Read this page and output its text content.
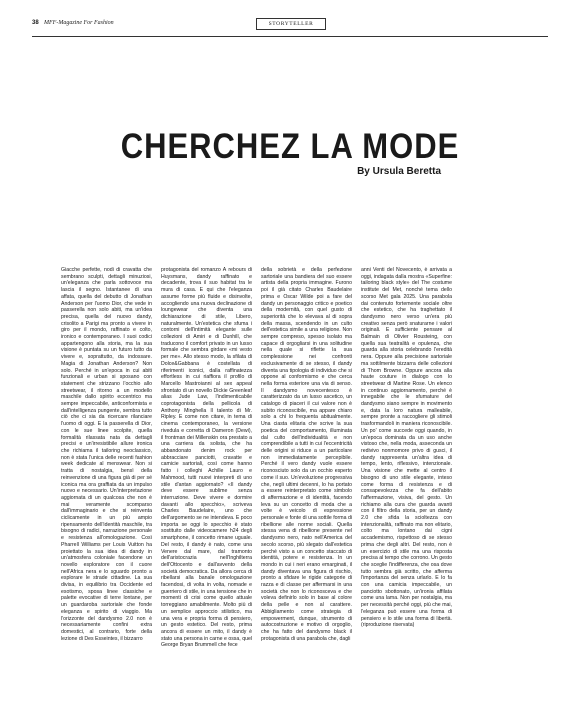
38 MFF-Magazine For Fashion	STORYTELLER
CHERCHEZ LA MODE
By Ursula Beretta

Giacche perfette, nodi di cravatta che sembrano sculpti, dettagli minuziosi, un'eleganza che parla sottovoce ma lascia il segno. Istantanee di una affata, quella del debutto di Jonathan Anderson per l'uomo Dior, che vede in passerella non solo abiti, ma un'idea precisa, quella del nuovo dandy, crisolito a Parigi ma pronto a vivere in giro per il mondo, raffinato e colto, ironico e contemporaneo. I suoi codici appartengono alla storia, ma la sua visione è puntata su un futuro tutto da vivere e, soprattutto, da indossare. Magia di Jonathan Anderson? Non solo. Perché in un'epoca in cui abiti funzionali e urban si sposano con statement che strizzano l'occhio allo streetwear, il ritorno a un modello maschile dallo spirito eccentrico ma sempre impeccabile, anticonformista e dall'intelligenza pungente, sembra tutto ciò che ci sia da ricercare rilanciare l'uomo di oggi. E la passerella di Dior, con le sue linee scolpite, quella formalità rilassata nata da dettagli precisi e un'irresistibile allure ironica che richiama il tailoring neoclassico, non è stata l'unica delle recenti fashion week dedicate al menswear. Non si tratta di nostalgia, bensì della reinvenzione di una figura già di per sé iconica ma ora graffiata da un impulso nuovo e necessario. Un'interpretazione aggiornata di un qualcosa che non è mai veramente scomparso dall'immaginario e che si reinventa ciclicamente in un più ampio ripensamento dell'identità maschile, tra bisogno di radici, narrazione personale e resistenza all'omologazione. Così Pharrell Williams per Louis Vuitton ha proiettato la sua idea di dandy in un'atmosfera coloniale facendone un novello esploratore con il cuore nell'Africa nera e lo sguardo pronto a esplorare le strade cittadine. La sua divisa, in equilibrio tra Occidente ed esotismo, sposa linee classiche e palette evocative di terre lontane, per un guardaroba sartoriale che fonde eleganza e spirito di viaggio. Ma l'orizzonte del dandysmo 2.0 non è necessariamente confini extra domestici, al contrario, forte della lezione di Des Esseintes, il bizzarro

protagonista del romanzo À rebours di Huysmans, dandy raffinato e decadente, trova il suo habitat tra le mura di casa. E qui che l'eleganza assume forme più fluide e disinvolte, accogliendo una nuova declinazione di loungewear che diventa una dichiarazione di stile, Libero, naturalmente. Un'estetica che sfuma i contorni dell'intimità elegante sulle collezioni di Amiri e di Dunhill, che traducono il comfort privato in un lusso formale che sembra girdare «mi vesto per me». Allo stesso modo, la sfilata di Dolce&Gabbana è costellata di riferimenti iconici, dalla raffinatezza effortless in cui riaffiora il profilo di Marcello Mastroianni al sex appeal sfrontato di un novello Dickie Greenleaf alias Jude Law, l'indimenticabile coprotagonista della pellicola di Anthony Minghella Il talento di Mr. Ripley. E come non citare, in tema di cinema contemporaneo, la versione rivedula e corretta di Dameron (Dewi), il frontman dei Millenskin ora prestato a una carriera da solista, che ha abbandonato denim rock per abbracciare panciotti, cravatte e camicie sartoriali, così come hanno fatto i colleghi Achille Lauro e Mahmood, tutti nuovi interpreti di uno stile d'antan aggiornato? «Il dandy deve essere sublime senza interruzione. Deve vivere e dormire davanti allo specchio», scriveva Charles Baudelaire, uno che dell'argomento se ne intendeva. E poco importa se oggi lo specchio è stato sostituito dalle videocamere h24 degli smartphone, il concetto rimane uguale. Del resto, il dandy è nato, come una Venere dal mare, dal tramonto dell'aristocrazia nell'Inghilterra dell'Ottocento e dall'avvento della società democratica. Da allora cerca di ribellarsi alla banale omologazione facendosi, di volta in volta, nomade e guerriero di stile, in una tensione che in momenti di crisi come quello attuale torreggiano amabilmente. Molto più di un semplice approccio stilistico, ma una vera e propria forma di pensiero, un gesto estetico. Del resto, prima ancora di essere un mito, il dandy è stato una persona in carne e ossa, quel George Bryan Brummell che fece

della sobrietà e della perfezione sartoriale una bandiera del suo essere artista della propria immagine. Furono poi il già citato Charles Baudelaire prima e Oscar Wilde poi a fare del dandy un personaggio critico e poetico della modernità, con quel gusto di superiorità che lo elevava al di sopra della massa, scendendo in un culto dell'estetica simile a una religione. Non sempre compreso, spesso isolato ma capace di orgogliarsi in una solitudine nella quale si riflette la sua complessione nei confronti esclusivamente di se stesso, il dandy diventa una tipologia di individuo che si oppone al conformismo e che cerca nella forma esteriore una via di senso. Il dandysmo novecentesco è caratterizzato da un lusso ascetico, un catalogo di piaceri il cui valore non è subito riconoscibile, ma appare chiaro solo a chi lo frequenta abitualmente. Una ciasta elitaria che scrive la sua poetica del comportamento, illuminata dal culto dell'individualità e non comprendibile a tutti in cui l'eccentricità delle origini si riduce a un particolare non immediatamente percepibile. Perché il vero dandy vuole essere riconosciuto solo da un occhio esperto come il suo. Un'evoluzione progressiva che, negli ultimi decenni, lo ha portato a essere reinterpretato come simbolo di affermazione e di identità, facendo leva su un concetto di moda che a volte è veicolo di espressione personale e fonte di una sottile forma di ribellione alle norme sociali. Quella stessa vena di ribellione presente nel dandysmo nero, nato nell'America del secolo scorso, più slegato dall'estetica perché visto a un concetto staccato di identità, potere e resistenza. In un mondo in cui i neri erano emarginati, il dandy diventava una figura di rischio, pronto a sfidare le rigide categorie di razza e di classe per affermarsi in una società che non lo riconosceva e che voleva definirlo solo in base al colore della pelle e non al carattere. Abbigliamento come strategia di empowerment, dunque, strumento di autocostruzione e motivo di orgoglio, che ha fatto del dandysmo black il protagonista di una parabola che, dagli

anni Venti del Novecento, è arrivata a oggi, indagata dalla mostra «Superfine: tailoring black style» del The costume institute del Met, nonché tema dello scorso Met gala 2025. Una parabola dai contenuto fortemente sociale oltre che estetico, che ha traghettato il dandysmo nero verso un'era più creativo senza però snaturarne i valori originali. E sufficiente pensare al Balmain di Olivier Rousteing, con quella sua teatralità e opulenza, che guarda alla storia celebrando l'eredità nera. Oppure alla precisione sartoriale ma sottilmente bizzarra delle collezioni di Thom Browne. Oppure ancora alla haute couture in dialogo con lo streetwear di Martine Rose. Un elenco in continuo aggiornamento, perché è innegabile che le sfumature del dandysmo siano sempre in movimento e, data la loro natura malleabile, sempre pronte a raccogliere gli stimoli trasformandoli in maniera riconoscibile. Un po' come succede oggi quando, in un'epoca dominata da un uso anche vistoso che, nella moda, asseconda un redivivo nonmomore privo di gusci, il dandy rappresenta un'altra idea di tempo, lento, riflessivo, intenzionale. Una visione che mette al centro il bisogno di uno stile elegante, inteso come forma di resistenza e di consapevolezza che fa dell'abito l'affermazione, visiva, del gesto. Un richiamo alla cura che guarda avanti con il filtro della storia, per un dandy 2.0 che sfida la scioltezza con intenzionalità, raffinato ma non elitario, colto ma lontano dai cigni accademismo, rispettoso di se stesso prima che degli altri. Del resto, non è un esercizio di stile ma una risposta precisa al tempo che corrono. Un gesto che sceglie l'indifferenza, che osa dove tutto sembra già scritto, che afferma l'importanza del senza urlarlo. E lo fa con una camicia impeccabile, un panciotto sbottonato, un'ironia affilata come una lama. Non per nostalgia, ma per necessità perché oggi, più che mai, l'eleganza può essere una forma di pensiero e lo stile una forma di libertà. (riproduzione riservata)
